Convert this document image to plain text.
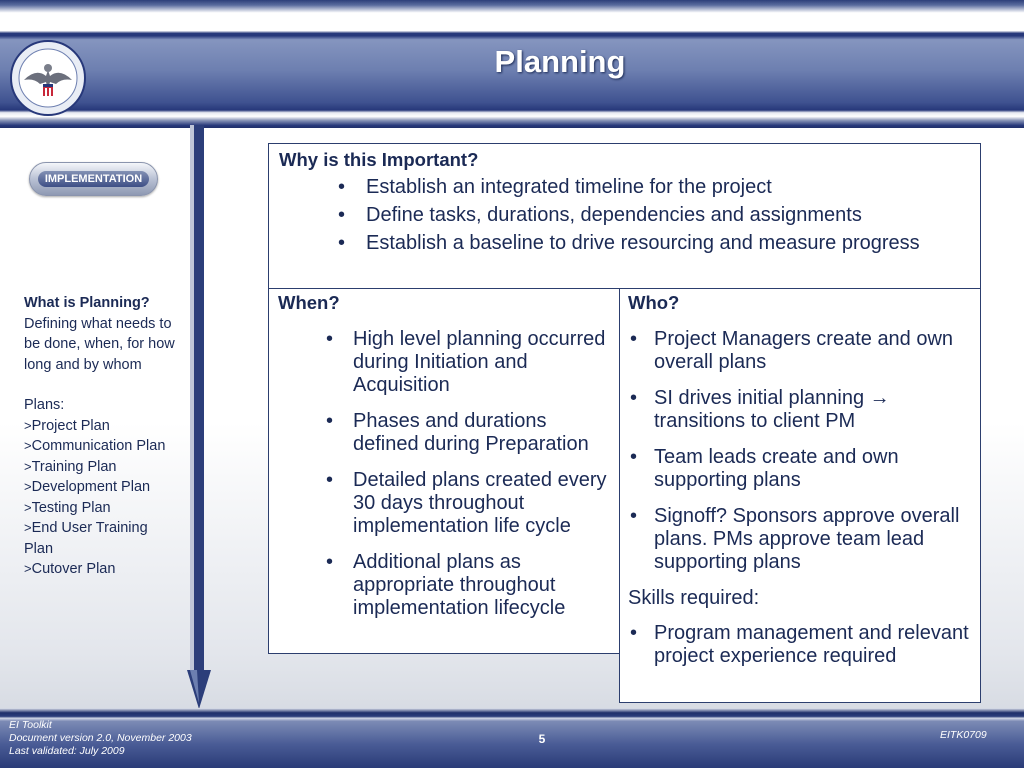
Planning
IMPLEMENTATION
What is Planning?
Defining what needs to be done, when, for how long and by whom
Plans:
>Project Plan
>Communication Plan
>Training Plan
>Development Plan
>Testing Plan
>End User Training Plan
>Cutover Plan
Why is this Important?
• Establish an integrated timeline for the project
• Define tasks, durations, dependencies and assignments
• Establish a baseline to drive resourcing and measure progress
When?
• High level planning occurred during Initiation and Acquisition
• Phases and durations defined during Preparation
• Detailed plans created every 30 days throughout implementation life cycle
• Additional plans as appropriate throughout implementation lifecycle
Who?
• Project Managers create and own overall plans
• SI drives initial planning → transitions to client PM
• Team leads create and own supporting plans
• Signoff? Sponsors approve overall plans. PMs approve team lead supporting plans
Skills required:
• Program management and relevant project experience required
EI Toolkit
Document version 2.0, November 2003
Last validated: July 2009
5	EITK0709
